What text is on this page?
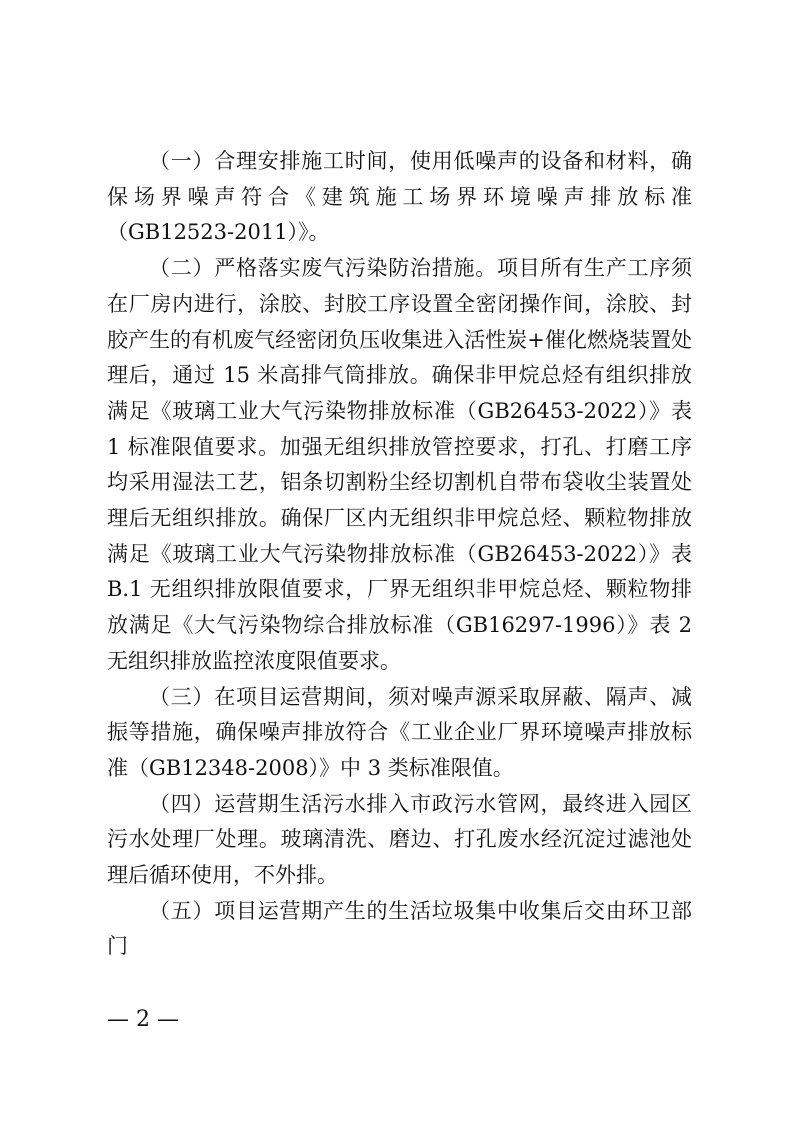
（一）合理安排施工时间，使用低噪声的设备和材料，确保场界噪声符合《建筑施工场界环境噪声排放标准（GB12523-2011）》。

（二）严格落实废气污染防治措施。项目所有生产工序须在厂房内进行，涂胶、封胶工序设置全密闭操作间，涂胶、封胶产生的有机废气经密闭负压收集进入活性炭+催化燃烧装置处理后，通过 15 米高排气筒排放。确保非甲烷总烃有组织排放满足《玻璃工业大气污染物排放标准（GB26453-2022）》表 1 标准限值要求。加强无组织排放管控要求，打孔、打磨工序均采用湿法工艺，铝条切割粉尘经切割机自带布袋收尘装置处理后无组织排放。确保厂区内无组织非甲烷总烃、颗粒物排放满足《玻璃工业大气污染物排放标准（GB26453-2022）》表 B.1 无组织排放限值要求，厂界无组织非甲烷总烃、颗粒物排放满足《大气污染物综合排放标准（GB16297-1996）》表 2 无组织排放监控浓度限值要求。

（三）在项目运营期间，须对噪声源采取屏蔽、隔声、减振等措施，确保噪声排放符合《工业企业厂界环境噪声排放标准（GB12348-2008）》中 3 类标准限值。

（四）运营期生活污水排入市政污水管网，最终进入园区污水处理厂处理。玻璃清洗、磨边、打孔废水经沉淀过滤池处理后循环使用，不外排。

（五）项目运营期产生的生活垃圾集中收集后交由环卫部门

— 2 —
